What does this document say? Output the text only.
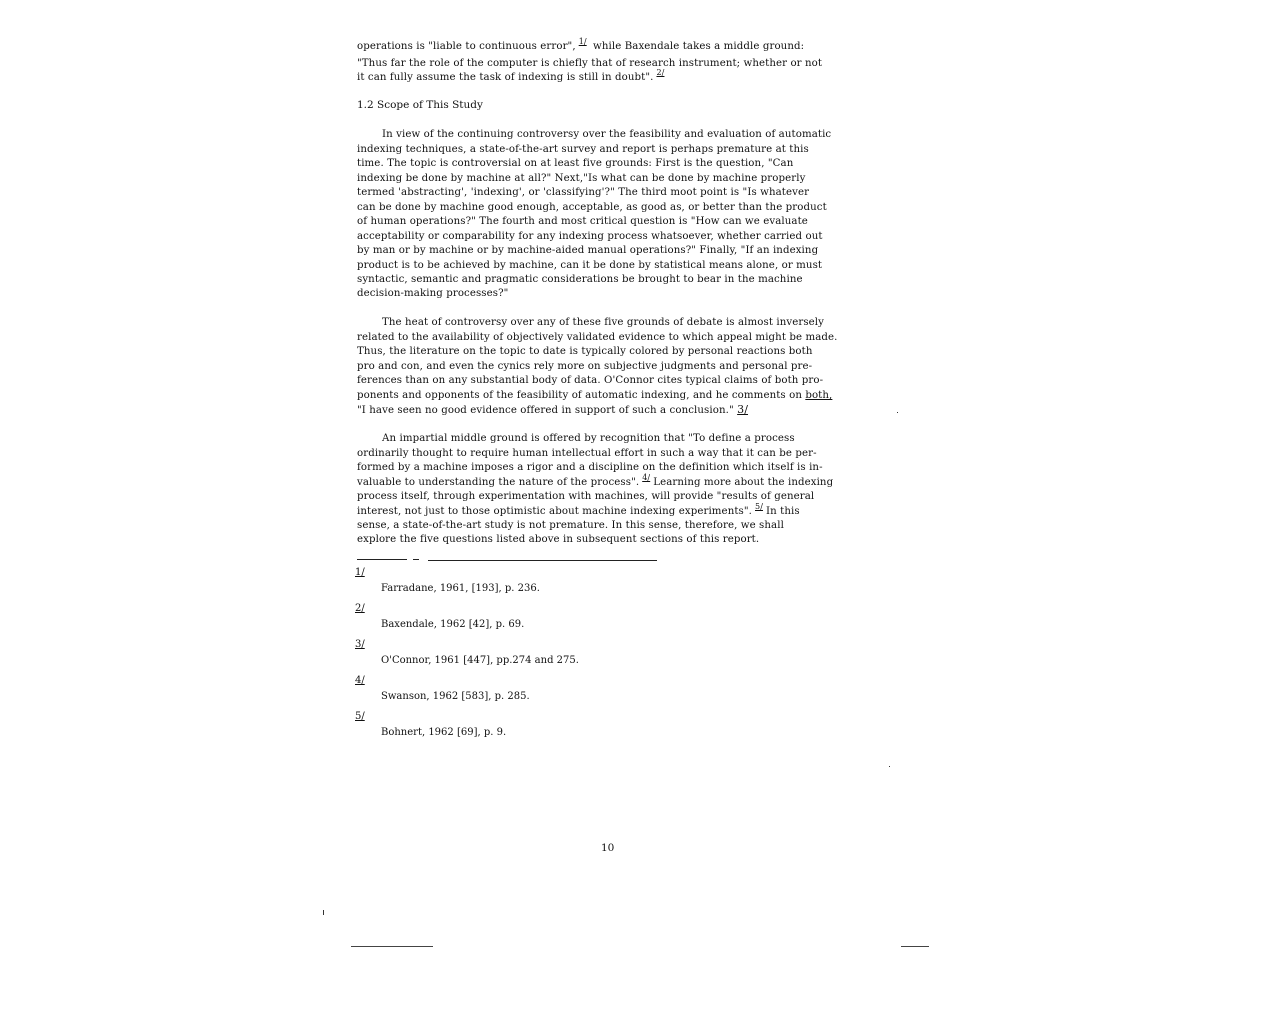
operations is "liable to continuous error", $^{1/}$ while Baxendale takes a middle ground:
"Thus far the role of the computer is chiefly that of research instrument; whether or not
it can fully assume the task of indexing is still in doubt". $^{2/}$
1.2 Scope of This Study
In view of the continuing controversy over the feasibility and evaluation of automatic
indexing techniques, a state-of-the-art survey and report is perhaps premature at this
time. The topic is controversial on at least five grounds: First is the question, "Can
indexing be done by machine at all?" Next,"Is what can be done by machine properly
termed 'abstracting', 'indexing', or 'classifying'?" The third moot point is "Is whatever
can be done by machine good enough, acceptable, as good as, or better than the product
of human operations?" The fourth and most critical question is "How can we evaluate
acceptability or comparability for any indexing process whatsoever, whether carried out
by man or by machine or by machine-aided manual operations?" Finally, "If an indexing
product is to be achieved by machine, can it be done by statistical means alone, or must
syntactic, semantic and pragmatic considerations be brought to bear in the machine
decision-making processes?"
The heat of controversy over any of these five grounds of debate is almost inversely
related to the availability of objectively validated evidence to which appeal might be made.
Thus, the literature on the topic to date is typically colored by personal reactions both
pro and con, and even the cynics rely more on subjective judgments and personal pre-
ferences than on any substantial body of data. O'Connor cites typical claims of both pro-
ponents and opponents of the feasibility of automatic indexing, and he comments on both,
"I have seen no good evidence offered in support of such a conclusion." 3/
An impartial middle ground is offered by recognition that "To define a process
ordinarily thought to require human intellectual effort in such a way that it can be per-
formed by a machine imposes a rigor and a discipline on the definition which itself is in-
valuable to understanding the nature of the process". $^{4/}$ Learning more about the indexing
process itself, through experimentation with machines, will provide "results of general
interest, not just to those optimistic about machine indexing experiments". $^{5/}$ In this
sense, a state-of-the-art study is not premature. In this sense, therefore, we shall
explore the five questions listed above in subsequent sections of this report.
1/
Farradane, 1961, [193], p. 236.
2/
Baxendale, 1962 [42], p. 69.
3/
O'Connor, 1961 [447], pp.274 and 275.
4/
Swanson, 1962 [583], p. 285.
5/
Bohnert, 1962 [69], p. 9.
10
